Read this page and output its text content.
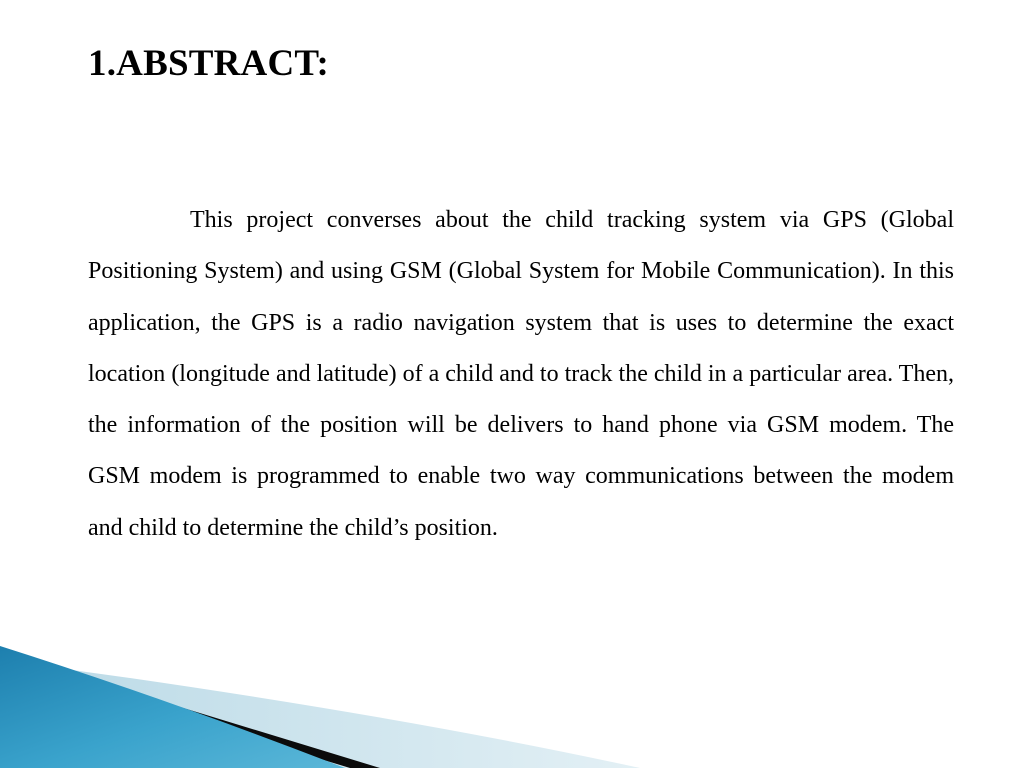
1.ABSTRACT:

This project converses about the child tracking system via GPS (Global Positioning System) and using GSM (Global System for Mobile Communication). In this application, the GPS is a radio navigation system that is uses to determine the exact location (longitude and latitude) of a child and to track the child in a particular area. Then, the information of the position will be delivers to hand phone via GSM modem. The GSM modem is programmed to enable two way communications between the modem and child to determine the child’s position.
